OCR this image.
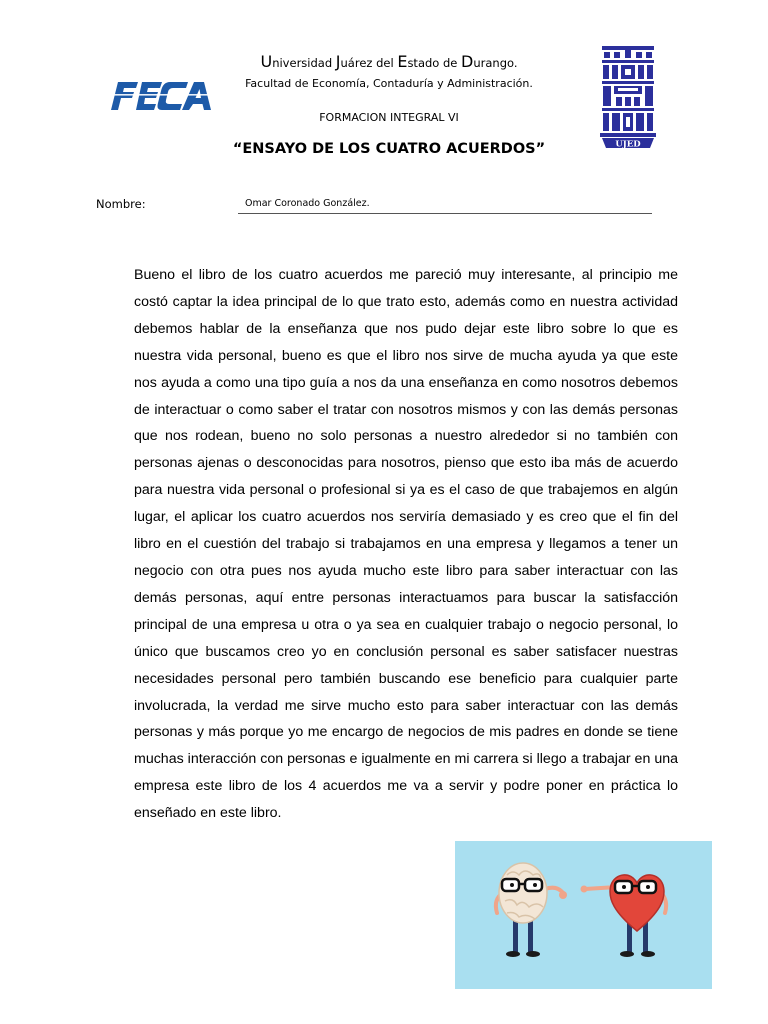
Universidad Juárez del Estado de Durango.
Facultad de Economía, Contaduría y Administración.
FORMACION INTEGRAL VI
“ENSAYO DE LOS CUATRO ACUERDOS”	UJED
Nombre:	Omar Coronado González.

Bueno el libro de los cuatro acuerdos me pareció muy interesante, al principio me costó captar la idea principal de lo que trato esto, además como en nuestra actividad debemos hablar de la enseñanza que nos pudo dejar este libro sobre lo que es nuestra vida personal, bueno es que el libro nos sirve de mucha ayuda ya que este nos ayuda a como una tipo guía a nos da una enseñanza en como nosotros debemos de interactuar o como saber el tratar con nosotros mismos y con las demás personas que nos rodean, bueno no solo personas a nuestro alrededor si no también con personas ajenas o desconocidas para nosotros, pienso que esto iba más de acuerdo para nuestra vida personal o profesional si ya es el caso de que trabajemos en algún lugar, el aplicar los cuatro acuerdos nos serviría demasiado y es creo que el fin del libro en el cuestión del trabajo si trabajamos en una empresa y llegamos a tener un negocio con otra pues nos ayuda mucho este libro para saber interactuar con las demás personas, aquí entre personas interactuamos para buscar la satisfacción principal de una empresa u otra o ya sea en cualquier trabajo o negocio personal, lo único que buscamos creo yo en conclusión personal es saber satisfacer nuestras necesidades personal pero también buscando ese beneficio para cualquier parte involucrada, la verdad me sirve mucho esto para saber interactuar con las demás personas y más porque yo me encargo de negocios de mis padres en donde se tiene muchas interacción con personas e igualmente en mi carrera si llego a trabajar en una empresa este libro de los 4 acuerdos me va a servir y podre poner en práctica lo enseñado en este libro.
